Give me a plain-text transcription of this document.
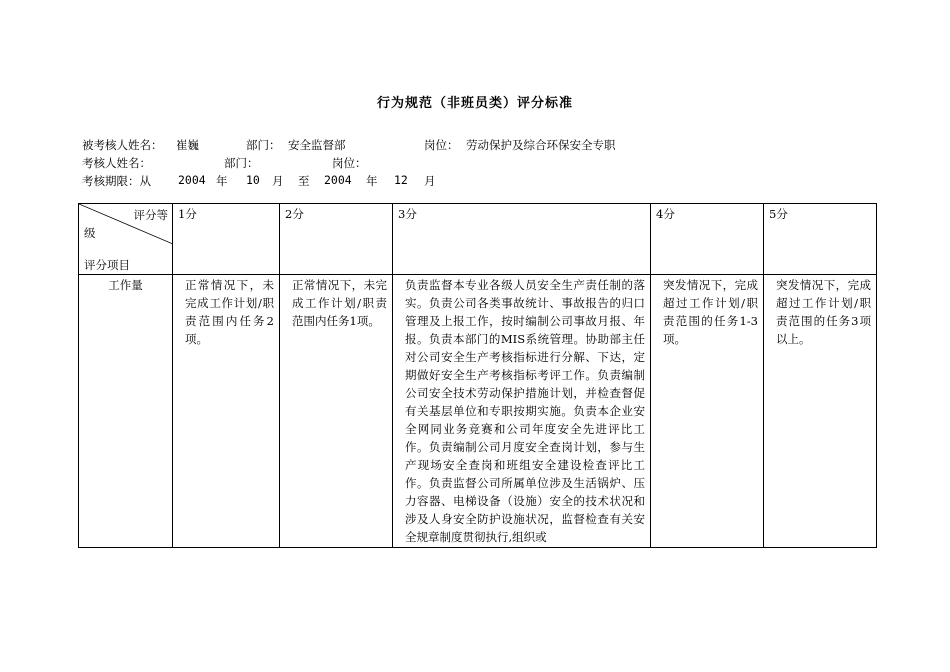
行为规范（非班员类）评分标准
被考核人姓名： 崔巍	部门： 安全监督部	岗位： 劳动保护及综合环保安全专职
考核人姓名：	部门：	岗位：
考核期限：从 2004 年 10 月 至 2004 年 12 月
评分等
级
评分项目	1分	2分	3分	4分	5分
工作量	正常情况下，未完成工作计划/职责范围内任务2项。	正常情况下，未完成工作计划/职责范围内任务1项。	负责监督本专业各级人员安全生产责任制的落实。负责公司各类事故统计、事故报告的归口管理及上报工作，按时编制公司事故月报、年报。负责本部门的MIS系统管理。协助部主任对公司安全生产考核指标进行分解、下达，定期做好安全生产考核指标考评工作。负责编制公司安全技术劳动保护措施计划，并检查督促有关基层单位和专职按期实施。负责本企业安全网同业务竞赛和公司年度安全先进评比工作。负责编制公司月度安全查岗计划，参与生产现场安全查岗和班组安全建设检查评比工作。负责监督公司所属单位涉及生活锅炉、压力容器、电梯设备（设施）安全的技术状况和涉及人身安全防护设施状况，监督检查有关安全规章制度贯彻执行,组织或	突发情况下，完成超过工作计划/职责范围的任务1-3项。	突发情况下，完成超过工作计划/职责范围的任务3项以上。
